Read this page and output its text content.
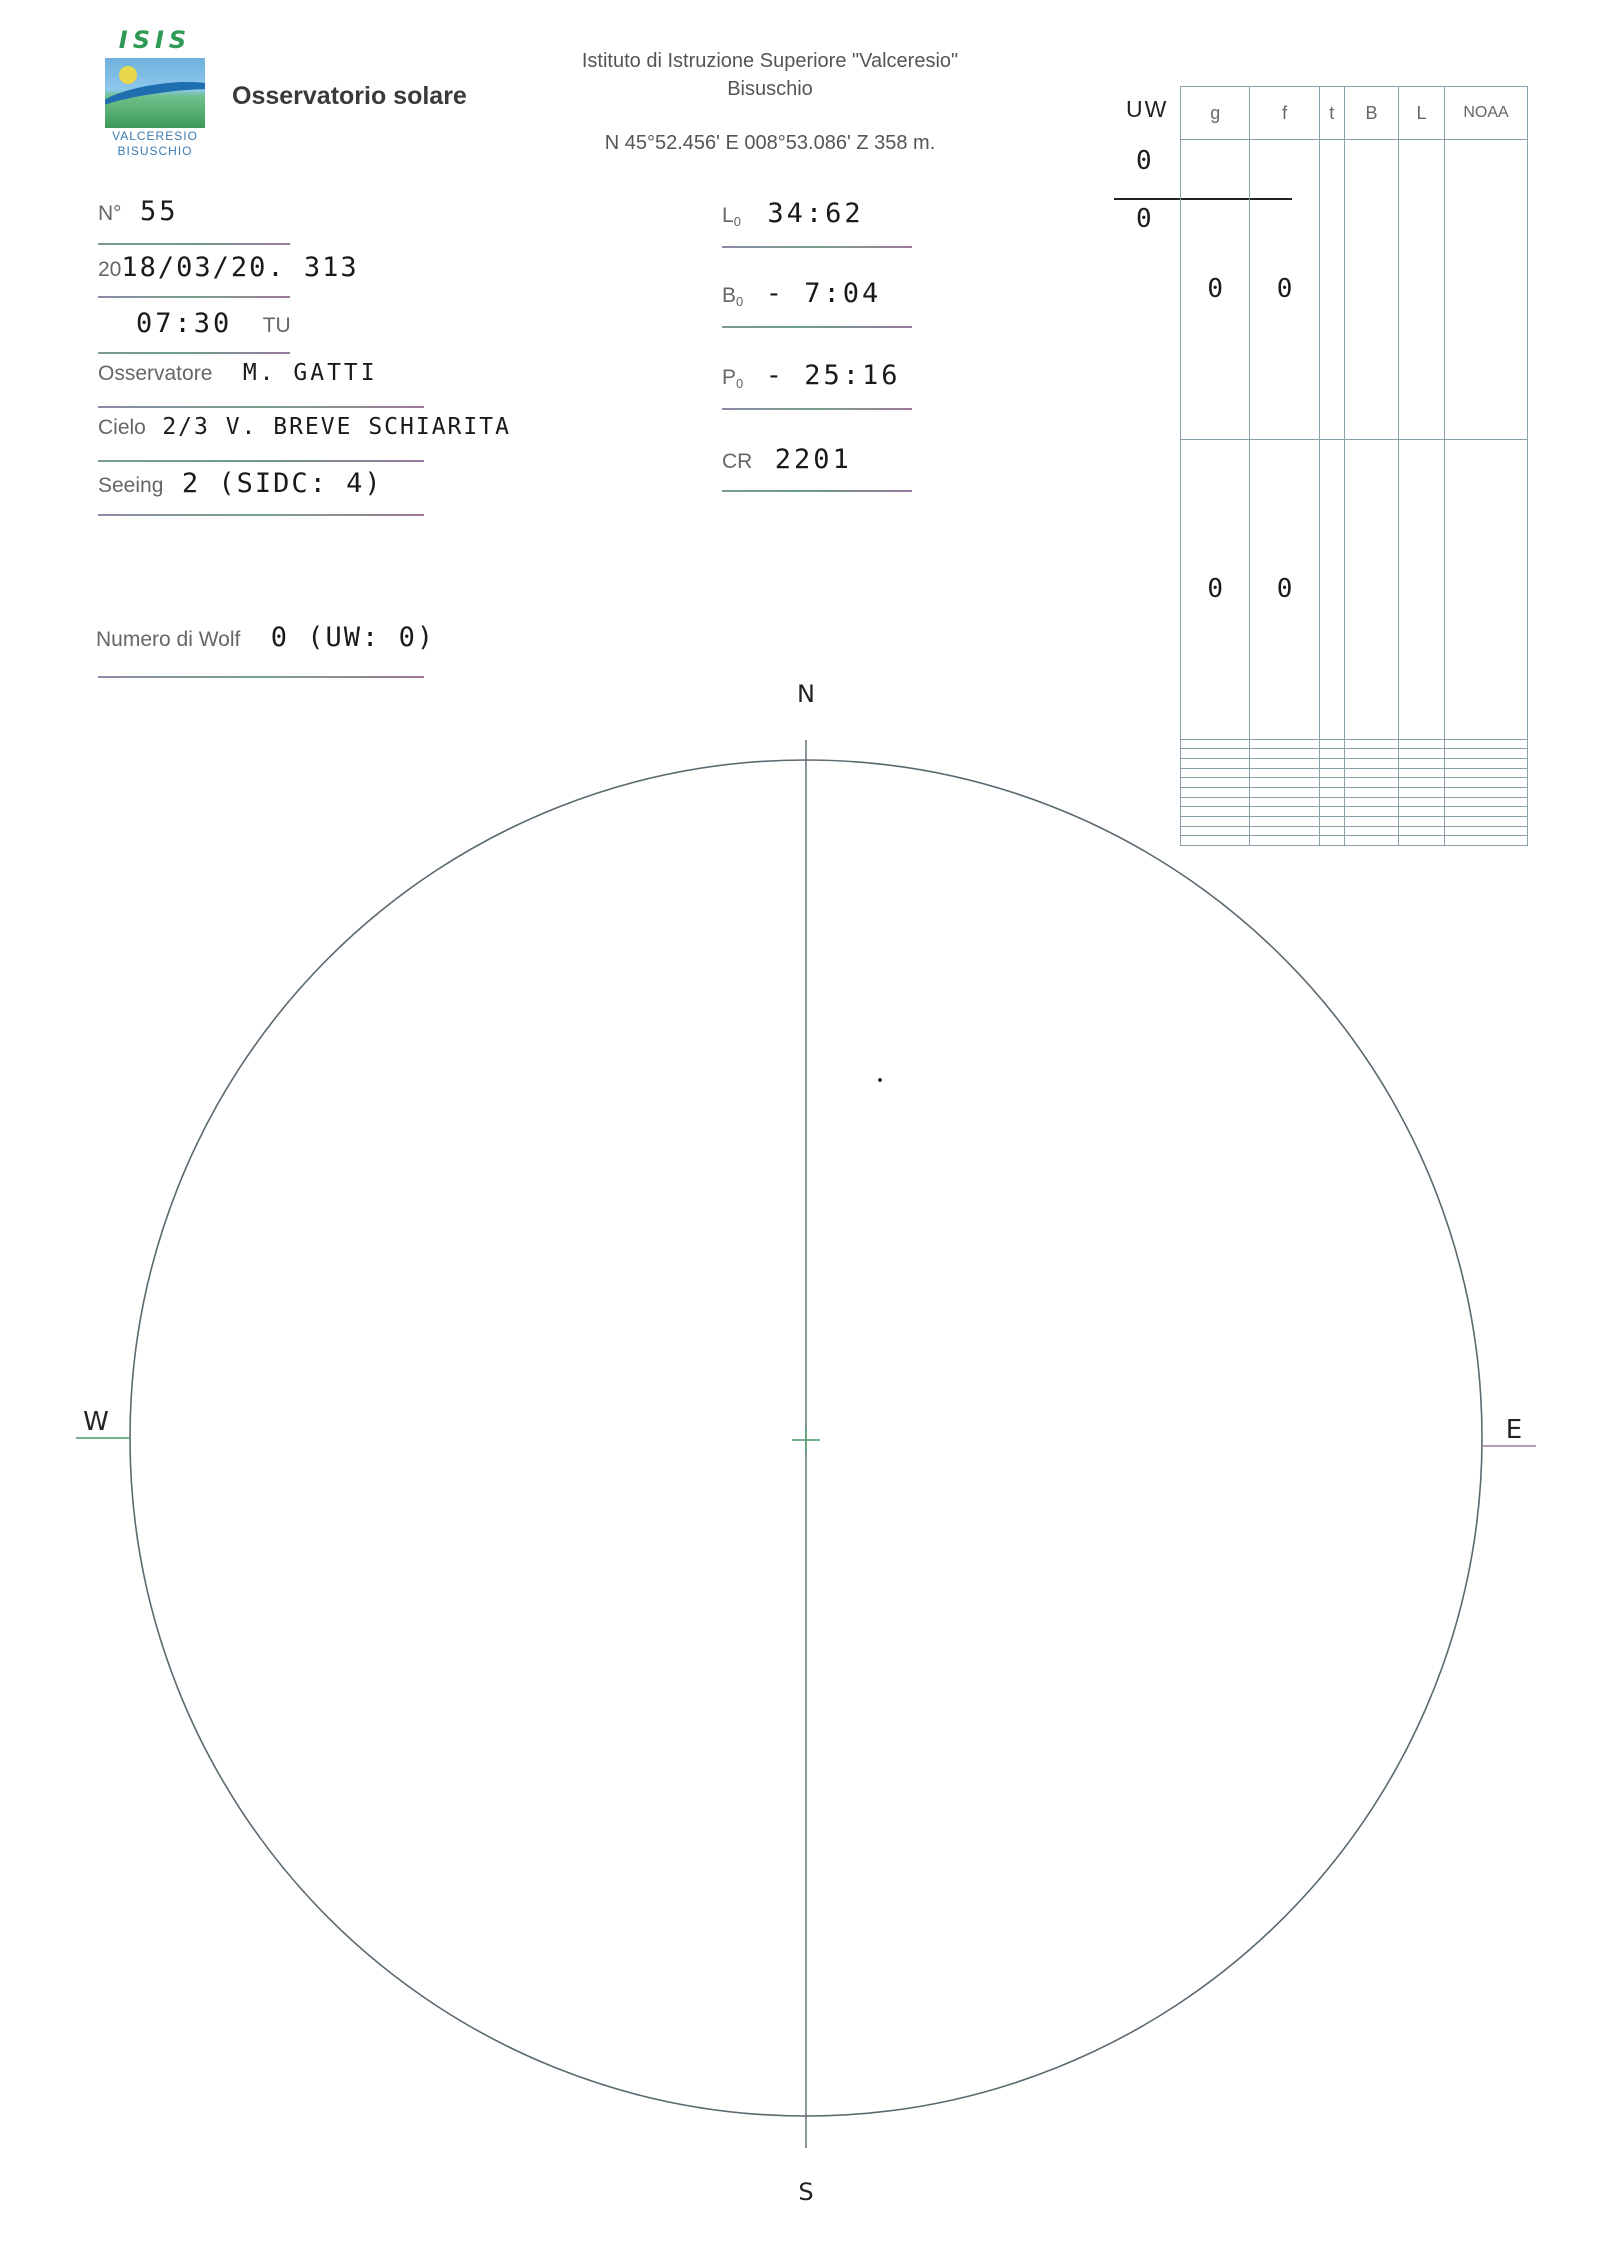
ISIS
VALCERESIO
BISUSCHIO
Osservatorio solare
Istituto di Istruzione Superiore "Valceresio"
Bisuschio
N 45°52.456' E 008°53.086' Z 358 m.
N° 55
2018/03/20. 313
07:30 TU
Osservatore M. GATTI
Cielo 2/3 V. BREVE SCHIARITA
Seeing 2 (SIDC: 4)
Numero di Wolf 0 (UW: 0)
$L_0$ 34:62
$B_0$ - 7:04
$P_0$ - 25:16
CR 2201
UW
0
0
g	f	t	B	L	NOAA
0	0				
0	0				

N
S
W	E
